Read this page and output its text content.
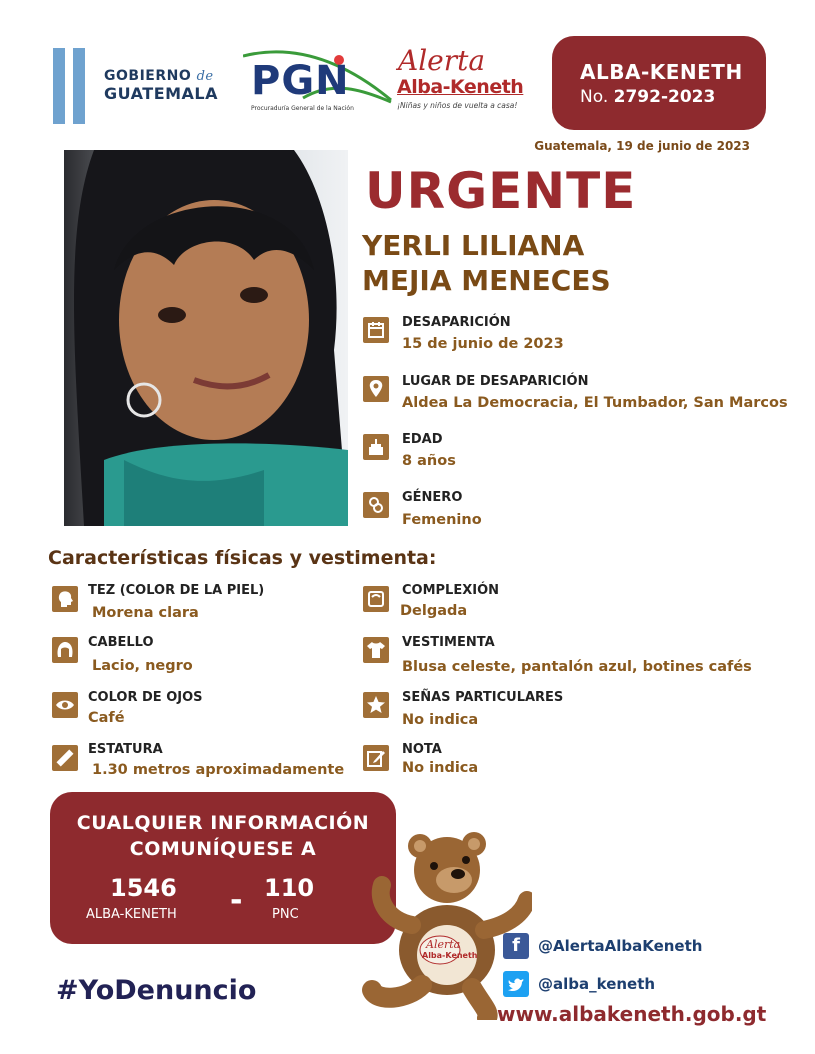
GOBIERNO de
GUATEMALA PGN
Procuraduría General de la Nación
Alerta
Alba-Keneth
¡Niñas y niños de vuelta a casa!
ALBA-KENETH
No. 2792-2023
Guatemala, 19 de junio de 2023
URGENTE
YERLI LILIANA
MEJIA MENECES
DESAPARICIÓN
15 de junio de 2023
LUGAR DE DESAPARICIÓN
Aldea La Democracia, El Tumbador, San Marcos
EDAD
8 años
GÉNERO
Femenino
Características físicas y vestimenta:
TEZ (COLOR DE LA PIEL)
Morena clara
CABELLO
Lacio, negro
COLOR DE OJOS
Café
ESTATURA
1.30 metros aproximadamente
COMPLEXIÓN
Delgada
VESTIMENTA
Blusa celeste, pantalón azul, botines cafés
SEÑAS PARTICULARES
No indica
NOTA
No indica
CUALQUIER INFORMACIÓN
COMUNÍQUESE A
1546
ALBA-KENETH - 110
PNC
Alerta
Alba-Keneth
#YoDenuncio
f	@AlertaAlbaKeneth
@alba_keneth
www.albakeneth.gob.gt
